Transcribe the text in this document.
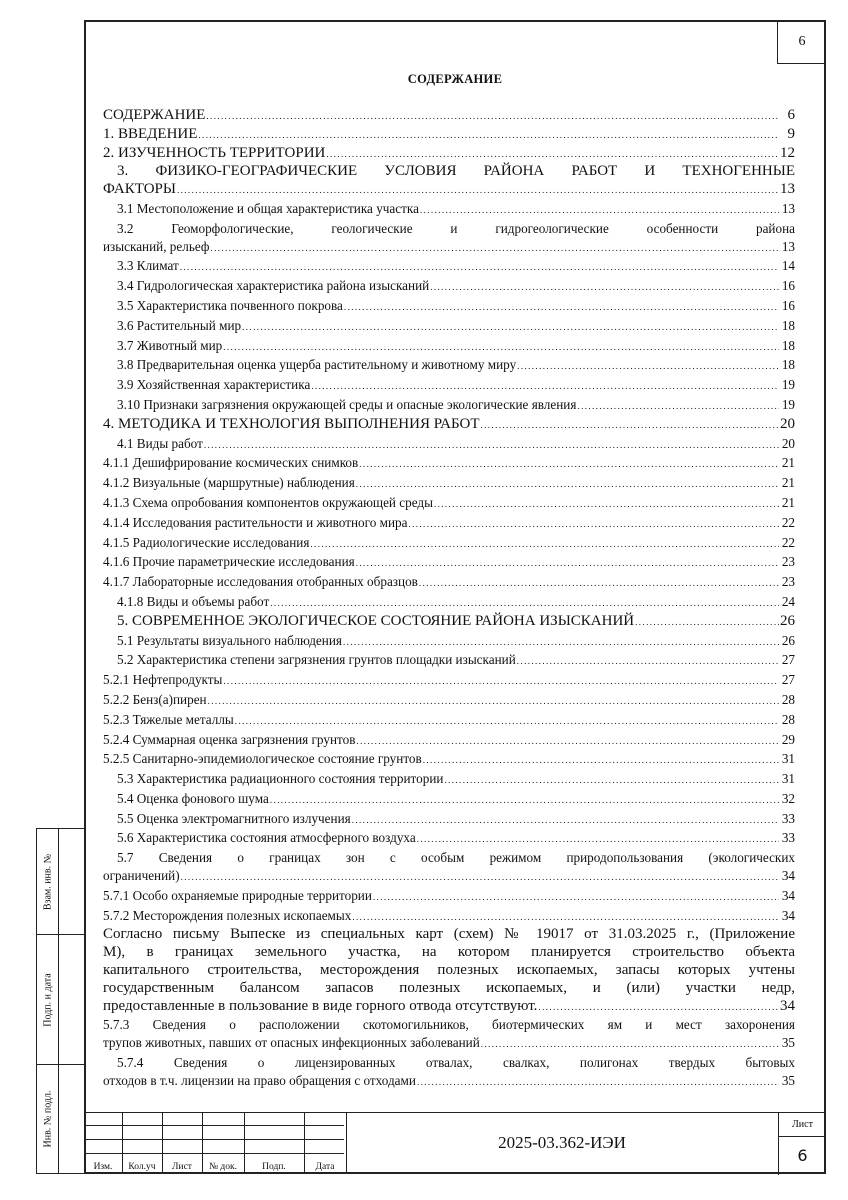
6
Взам. инв. №
Подп. и дата
Инв. № подл.
СОДЕРЖАНИЕ
СОДЕРЖАНИЕ .....	6
1. ВВЕДЕНИЕ .....	9
2. ИЗУЧЕННОСТЬ ТЕРРИТОРИИ .....	12
3. ФИЗИКО-ГЕОГРАФИЧЕСКИЕ УСЛОВИЯ РАЙОНА РАБОТ И ТЕХНОГЕННЫЕ
ФАКТОРЫ .....	13
3.1 Местоположение и общая характеристика участка .....	13
3.2 Геоморфологические, геологические и гидрогеологические особенности района
изысканий, рельеф .....	13
3.3 Климат .....	14
3.4 Гидрологическая характеристика района изысканий .....	16
3.5 Характеристика почвенного покрова .....	16
3.6 Растительный мир .....	18
3.7 Животный мир .....	18
3.8 Предварительная оценка ущерба растительному и животному миру .....	18
3.9 Хозяйственная характеристика .....	19
3.10 Признаки загрязнения окружающей среды и опасные экологические явления .....	19
4. МЕТОДИКА И ТЕХНОЛОГИЯ ВЫПОЛНЕНИЯ РАБОТ .....	20
4.1 Виды работ .....	20
4.1.1 Дешифрирование космических снимков .....	21
4.1.2 Визуальные (маршрутные) наблюдения .....	21
4.1.3 Схема опробования компонентов окружающей среды .....	21
4.1.4 Исследования растительности и животного мира .....	22
4.1.5 Радиологические исследования .....	22
4.1.6 Прочие параметрические исследования .....	23
4.1.7 Лабораторные исследования отобранных образцов .....	23
4.1.8 Виды и объемы работ .....	24
5. СОВРЕМЕННОЕ ЭКОЛОГИЧЕСКОЕ СОСТОЯНИЕ РАЙОНА ИЗЫСКАНИЙ .....	26
5.1 Результаты визуального наблюдения .....	26
5.2 Характеристика степени загрязнения грунтов площадки изысканий .....	27
5.2.1 Нефтепродукты .....	27
5.2.2 Бенз(а)пирен .....	28
5.2.3 Тяжелые металлы .....	28
5.2.4 Суммарная оценка загрязнения грунтов .....	29
5.2.5 Санитарно-эпидемиологическое состояние грунтов .....	31
5.3 Характеристика радиационного состояния территории .....	31
5.4 Оценка фонового шума .....	32
5.5 Оценка электромагнитного излучения .....	33
5.6 Характеристика состояния атмосферного воздуха .....	33
5.7 Сведения о границах зон с особым режимом природопользования (экологических
ограничений) .....	34
5.7.1 Особо охраняемые природные территории .....	34
5.7.2 Месторождения полезных ископаемых .....	34
Согласно письму Выпеске из специальных карт (схем) № 19017 от 31.03.2025 г., (Приложение
М), в границах земельного участка, на котором планируется строительство объекта
капитального строительства, месторождения полезных ископаемых, запасы которых учтены
государственным балансом запасов полезных ископаемых, и (или) участки недр,
предоставленные в пользование в виде горного отвода отсутствуют. .....	34
5.7.3 Сведения о расположении скотомогильников, биотермических ям и мест захоронения
трупов животных, павших от опасных инфекционных заболеваний .....	35
5.7.4 Сведения о лицензированных отвалах, свалках, полигонах твердых бытовых
отходов в т.ч. лицензии на право обращения с отходами .....	35
Изм.	Кол.уч	Лист	№ док.	Подп.	Дата
2025-03.362-ИЭИ
Лист
6
